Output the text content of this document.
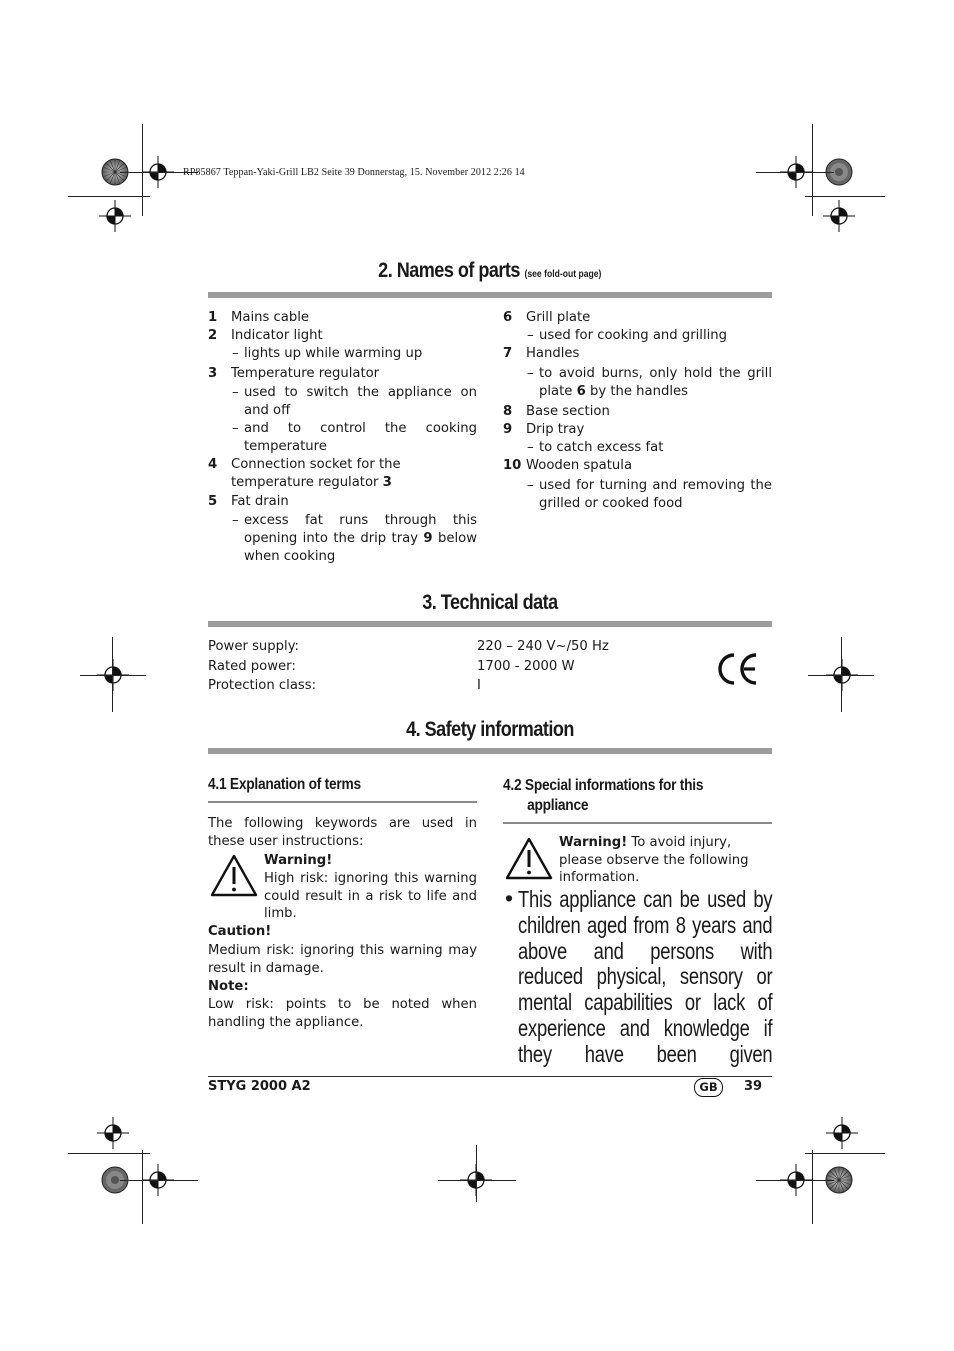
RP85867 Teppan-Yaki-Grill LB2 Seite 39 Donnerstag, 15. November 2012 2:26 14
2. Names of parts (see fold-out page)
1	Mains cable
2	Indicator light
– lights up while warming up
3	Temperature regulator
– used to switch the appliance on and off
– and to control the cooking temperature
4	Connection socket for the temperature regulator 3
5	Fat drain
– excess fat runs through this opening into the drip tray 9 below when cooking
6	Grill plate
– used for cooking and grilling
7	Handles
– to avoid burns, only hold the grill plate 6 by the handles
8	Base section
9	Drip tray
– to catch excess fat
10 Wooden spatula
– used for turning and removing the grilled or cooked food
3. Technical data
Power supply:	220 – 240 V~/50 Hz
Rated power:	1700 - 2000 W
Protection class:	I
4. Safety information
4.1 Explanation of terms
The following keywords are used in these user instructions:
Warning!
High risk: ignoring this warning could result in a risk to life and limb.
Caution!
Medium risk: ignoring this warning may result in damage.
Note:
Low risk: points to be noted when handling the appliance.
4.2 Special informations for this appliance
Warning! To avoid injury, please observe the following information.
• This appliance can be used by children aged from 8 years and above and persons with reduced physical, sensory or mental capabilities or lack of experience and knowledge if they have been given
STYG 2000 A2	GB	39
